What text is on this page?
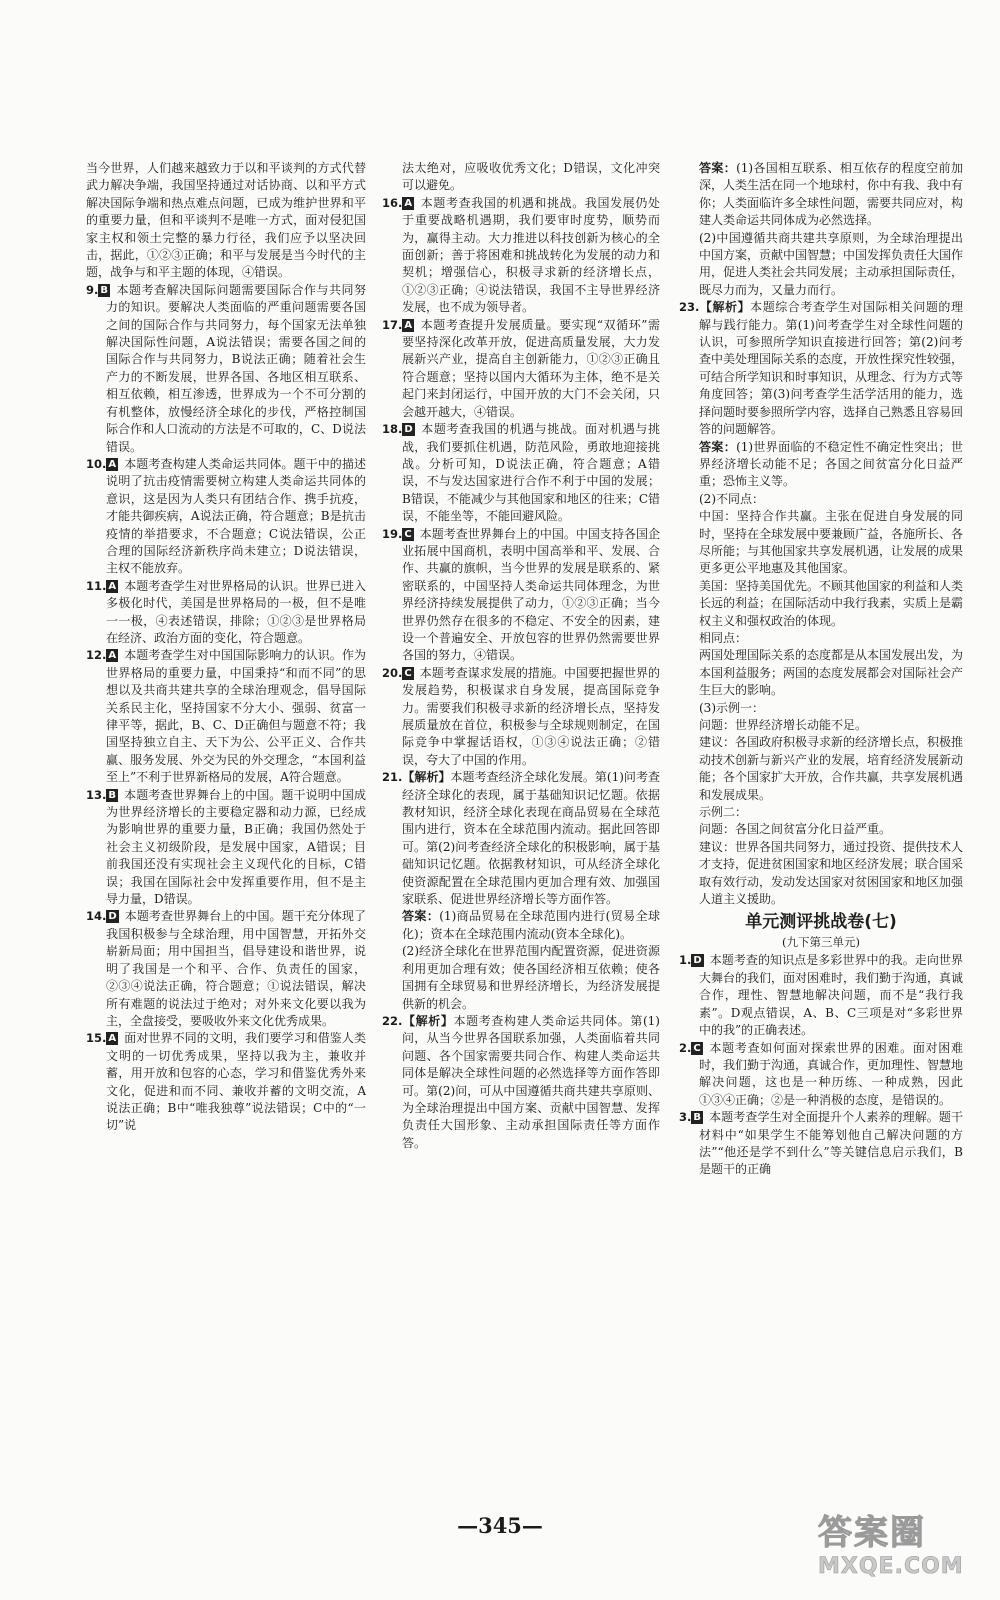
当今世界，人们越来越致力于以和平谈判的方式代替武力解决争端，我国坚持通过对话协商、以和平方式解决国际争端和热点难点问题，已成为维护世界和平的重要力量，但和平谈判不是唯一方式，面对侵犯国家主权和领土完整的暴力行径，我们应予以坚决回击，据此，①②③正确；和平与发展是当今时代的主题，战争与和平主题的体现，④错误。

9. B 本题考查解决国际问题需要国际合作与共同努力的知识。要解决人类面临的严重问题需要各国之间的国际合作与共同努力，每个国家无法单独解决国际性问题，A说法错误；需要各国之间的国际合作与共同努力，B说法正确；随着社会生产力的不断发展，世界各国、各地区相互联系、相互依赖，相互渗透，世界成为一个不可分割的有机整体，放慢经济全球化的步伐，严格控制国际合作和人口流动的方法是不可取的，C、D说法错误。

10. A 本题考查构建人类命运共同体。题干中的描述说明了抗击疫情需要树立构建人类命运共同体的意识，这是因为人类只有团结合作、携手抗疫，才能共御疾病，A说法正确，符合题意；B是抗击疫情的举措要求，不合题意；C说法错误，公正合理的国际经济新秩序尚未建立；D说法错误，主权不能放弃。

11. A 本题考查学生对世界格局的认识。世界已进入多极化时代，美国是世界格局的一极，但不是唯一一极，④表述错误，排除；①②③是世界格局在经济、政治方面的变化，符合题意。

12. A 本题考查学生对中国国际影响力的认识。作为世界格局的重要力量，中国秉持“和而不同”的思想以及共商共建共享的全球治理观念，倡导国际关系民主化，坚持国家不分大小、强弱、贫富一律平等，据此，B、C、D正确但与题意不符；我国坚持独立自主、天下为公、公平正义、合作共赢、服务发展、外交为民的外交理念，“本国利益至上”不利于世界新格局的发展，A符合题意。

13. B 本题考查世界舞台上的中国。题干说明中国成为世界经济增长的主要稳定器和动力源，已经成为影响世界的重要力量，B正确；我国仍然处于社会主义初级阶段，是发展中国家，A错误；目前我国还没有实现社会主义现代化的目标，C错误；我国在国际社会中发挥重要作用，但不是主导力量，D错误。

14. D 本题考查世界舞台上的中国。题干充分体现了我国积极参与全球治理，用中国智慧，开拓外交崭新局面；用中国担当，倡导建设和谐世界，说明了我国是一个和平、合作、负责任的国家，②③④说法正确，符合题意；①说法错误，解决所有难题的说法过于绝对；对外来文化要以我为主，全盘接受，要吸收外来文化优秀成果。

15. A 面对世界不同的文明，我们要学习和借鉴人类文明的一切优秀成果，坚持以我为主，兼收并蓄，用开放和包容的心态，学习和借鉴优秀外来文化，促进和而不同、兼收并蓄的文明交流，A说法正确；B中“唯我独尊”说法错误；C中的“一切”说

法太绝对，应吸收优秀文化；D错误，文化冲突可以避免。

16. A 本题考查我国的机遇和挑战。我国发展仍处于重要战略机遇期，我们要审时度势，顺势而为，赢得主动。大力推进以科技创新为核心的全面创新；善于将困难和挑战转化为发展的动力和契机；增强信心，积极寻求新的经济增长点，①②③正确；④说法错误，我国不主导世界经济发展，也不成为领导者。

17. A 本题考查提升发展质量。要实现“双循环”需要坚持深化改革开放，促进高质量发展，大力发展新兴产业，提高自主创新能力，①②③正确且符合题意；坚持以国内大循环为主体，绝不是关起门来封闭运行，中国开放的大门不会关闭，只会越开越大，④错误。

18. D 本题考查我国的机遇与挑战。面对机遇与挑战，我们要抓住机遇，防范风险，勇敢地迎接挑战。分析可知，D说法正确，符合题意；A错误，不与发达国家进行合作不利于中国的发展；B错误，不能减少与其他国家和地区的往来；C错误，不能坐等，不能回避风险。

19. C 本题考查世界舞台上的中国。中国支持各国企业拓展中国商机，表明中国高举和平、发展、合作、共赢的旗帜，当今世界的发展是联系的、紧密联系的，中国坚持人类命运共同体理念，为世界经济持续发展提供了动力，①②③正确；当今世界仍然存在很多的不稳定、不安全的因素，建设一个普遍安全、开放包容的世界仍然需要世界各国的努力，④错误。

20. C 本题考查谋求发展的措施。中国要把握世界的发展趋势，积极谋求自身发展，提高国际竞争力。需要我们积极寻求新的经济增长点，坚持发展质量放在首位，积极参与全球规则制定，在国际竞争中掌握话语权，①③④说法正确；②错误，夸大了中国的作用。

21.【解析】本题考查经济全球化发展。第(1)问考查经济全球化的表现，属于基础知识记忆题。依据教材知识，经济全球化表现在商品贸易在全球范围内进行，资本在全球范围内流动。据此回答即可。第(2)问考查经济全球化的积极影响，属于基础知识记忆题。依据教材知识，可从经济全球化使资源配置在全球范围内更加合理有效、加强国家联系、促进世界经济增长等方面作答。

答案：(1)商品贸易在全球范围内进行(贸易全球化)；资本在全球范围内流动(资本全球化)。

(2)经济全球化在世界范围内配置资源，促进资源利用更加合理有效；使各国经济相互依赖；使各国拥有全球贸易和世界经济增长，为经济发展提供新的机会。

22.【解析】本题考查构建人类命运共同体。第(1)问，从当今世界各国联系加强，人类面临着共同问题、各个国家需要共同合作、构建人类命运共同体是解决全球性问题的必然选择等方面作答即可。第(2)问，可从中国遵循共商共建共享原则、为全球治理提出中国方案、贡献中国智慧、发挥负责任大国形象、主动承担国际责任等方面作答。

答案：(1)各国相互联系、相互依存的程度空前加深，人类生活在同一个地球村，你中有我、我中有你；人类面临许多全球性问题，需要共同应对，构建人类命运共同体成为必然选择。

(2)中国遵循共商共建共享原则，为全球治理提出中国方案，贡献中国智慧；中国发挥负责任大国作用，促进人类社会共同发展；主动承担国际责任，既尽力而为，又量力而行。

23.【解析】本题综合考查学生对国际相关问题的理解与践行能力。第(1)问考查学生对全球性问题的认识，可参照所学知识直接进行回答；第(2)问考查中美处理国际关系的态度，开放性探究性较强，可结合所学知识和时事知识，从理念、行为方式等角度回答；第(3)问考查学生活学活用的能力，选择问题时要参照所学内容，选择自己熟悉且容易回答的问题解答。

答案：(1)世界面临的不稳定性不确定性突出；世界经济增长动能不足；各国之间贫富分化日益严重；恐怖主义等。

(2)不同点：

中国：坚持合作共赢。主张在促进自身发展的同时，坚持在全球发展中要兼顾广益，各施所长、各尽所能；与其他国家共享发展机遇，让发展的成果更多更公平地惠及其他国家。

美国：坚持美国优先。不顾其他国家的利益和人类长远的利益；在国际活动中我行我素，实质上是霸权主义和强权政治的体现。

相同点：

两国处理国际关系的态度都是从本国发展出发，为本国利益服务；两国的态度发展都会对国际社会产生巨大的影响。

(3)示例一：

问题：世界经济增长动能不足。

建议：各国政府积极寻求新的经济增长点，积极推动技术创新与新兴产业的发展，培育经济发展新动能；各个国家扩大开放，合作共赢，共享发展机遇和发展成果。

示例二：

问题：各国之间贫富分化日益严重。

建议：世界各国共同努力，通过投资、提供技术人才支持，促进贫困国家和地区经济发展；联合国采取有效行动，发动发达国家对贫困国家和地区加强人道主义援助。

单元测评挑战卷(七)
(九下第三单元)

1. D 本题考查的知识点是多彩世界中的我。走向世界大舞台的我们，面对困难时，我们勤于沟通，真诚合作，理性、智慧地解决问题，而不是“我行我素”。D观点错误，A、B、C三项是对“多彩世界中的我”的正确表述。

2. C 本题考查如何面对探索世界的困难。面对困难时，我们勤于沟通，真诚合作，更加理性、智慧地解决问题，这也是一种历练、一种成熟，因此①③④正确；②是一种消极的态度，是错误的。

3. B 本题考查学生对全面提升个人素养的理解。题干材料中“如果学生不能筹划他自己解决问题的方法”“他还是学不到什么”等关键信息启示我们，B是题干的正确

—345—	答案圈
MXQE.COM
